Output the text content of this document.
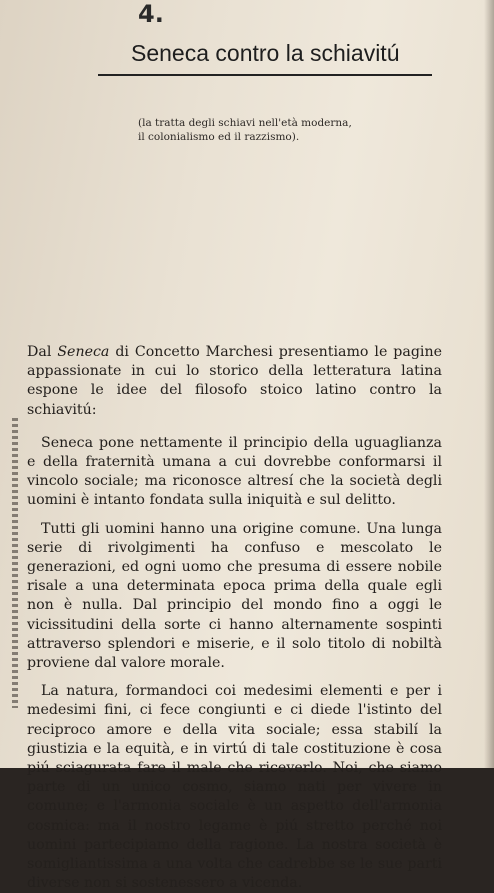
4.
Seneca contro la schiavitú

(la tratta degli schiavi nell'età moderna,

il colonialismo ed il razzismo).

Dal Seneca di Concetto Marchesi presentiamo le pagine appassionate in cui lo storico della letteratura latina espone le idee del filosofo stoico latino contro la schiavitú:

Seneca pone nettamente il principio della uguaglianza e della fraternità umana a cui dovrebbe conformarsi il vincolo sociale; ma riconosce altresí che la società degli uomini è intanto fondata sulla iniquità e sul delitto.

Tutti gli uomini hanno una origine comune. Una lunga serie di rivolgimenti ha confuso e mescolato le generazioni, ed ogni uomo che presuma di essere nobile risale a una determinata epoca prima della quale egli non è nulla. Dal principio del mondo fino a oggi le vicissitudini della sorte ci hanno alternamente sospinti attraverso splendori e miserie, e il solo titolo di nobiltà proviene dal valore morale.

La natura, formandoci coi medesimi elementi e per i medesimi fini, ci fece congiunti e ci diede l'istinto del reciproco amore e della vita sociale; essa stabilí la giustizia e la equità, e in virtú di tale costituzione è cosa piú sciagurata fare il male che riceverlo. Noi, che siamo parte di un unico cosmo, siamo nati per vivere in comune; e l'armonia sociale è un aspetto dell'armonia cosmica: ma il nostro legame è piú stretto perché noi uomini partecipiamo della ragione. La nostra società è somigliantissima a una volta che cadrebbe se le sue parti diverse non si sostenessero a vicenda.
